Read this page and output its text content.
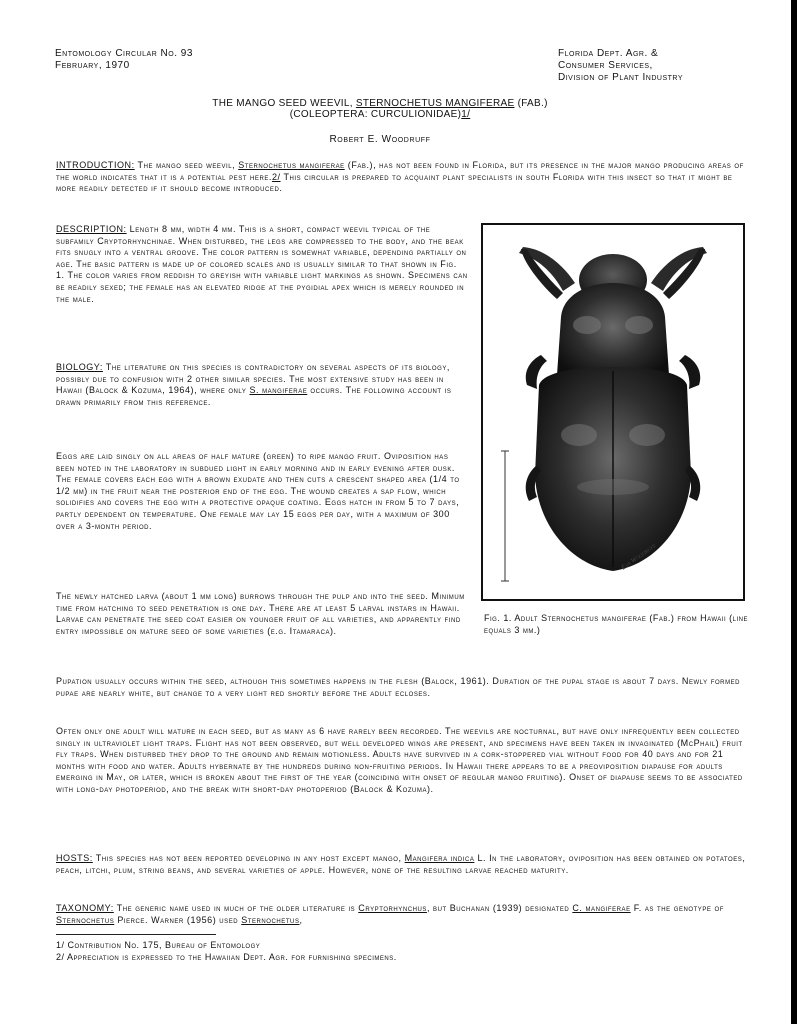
Entomology Circular No. 93
February, 1970
Florida Dept. Agr. &
Consumer Services,
Division of Plant Industry
THE MANGO SEED WEEVIL, STERNOCHETUS MANGIFERAE (FAB.)
(COLEOPTERA: CURCULIONIDAE)1/
Robert E. Woodruff

INTRODUCTION: The mango seed weevil, Sternochetus mangiferae (Fab.), has not been found in Florida, but its presence in the major mango producing areas of the world indicates that it is a potential pest here.2/ This circular is prepared to acquaint plant specialists in south Florida with this insect so that it might be more readily detected if it should become introduced.

DESCRIPTION: Length 8 mm, width 4 mm. This is a short, compact weevil typical of the subfamily Cryptorhynchinae. When disturbed, the legs are compressed to the body, and the beak fits snugly into a ventral groove. The color pattern is somewhat variable, depending partially on age. The basic pattern is made up of colored scales and is usually similar to that shown in Fig. 1. The color varies from reddish to greyish with variable light markings as shown. Specimens can be readily sexed; the female has an elevated ridge at the pygidial apex which is merely rounded in the male.

BIOLOGY: The literature on this species is contradictory on several aspects of its biology, possibly due to confusion with 2 other similar species. The most extensive study has been in Hawaii (Balock & Kozuma, 1964), where only S. mangiferae occurs. The following account is drawn primarily from this reference.

Eggs are laid singly on all areas of half mature (green) to ripe mango fruit. Oviposition has been noted in the laboratory in subdued light in early morning and in early evening after dusk. The female covers each egg with a brown exudate and then cuts a crescent shaped area (1/4 to 1/2 mm) in the fruit near the posterior end of the egg. The wound creates a sap flow, which solidifies and covers the egg with a protective opaque coating. Eggs hatch in from 5 to 7 days, partly dependent on temperature. One female may lay 15 eggs per day, with a maximum of 300 over a 3-month period.

The newly hatched larva (about 1 mm long) burrows through the pulp and into the seed. Minimum time from hatching to seed penetration is one day. There are at least 5 larval instars in Hawaii. Larvae can penetrate the seed coat easier on younger fruit of all varieties, and apparently find entry impossible on mature seed of some varieties (e.g. Itamaraca).

Eva Woodruff
Fig. 1. Adult Sternochetus mangiferae (Fab.) from Hawaii (line equals 3 mm.)

Pupation usually occurs within the seed, although this sometimes happens in the flesh (Balock, 1961). Duration of the pupal stage is about 7 days. Newly formed pupae are nearly white, but change to a very light red shortly before the adult ecloses.

Often only one adult will mature in each seed, but as many as 6 have rarely been recorded. The weevils are nocturnal, but have only infrequently been collected singly in ultraviolet light traps. Flight has not been observed, but well developed wings are present, and specimens have been taken in invaginated (McPhail) fruit fly traps. When disturbed they drop to the ground and remain motionless. Adults have survived in a cork-stoppered vial without food for 40 days and for 21 months with food and water. Adults hybernate by the hundreds during non-fruiting periods. In Hawaii there appears to be a preoviposition diapause for adults emerging in May, or later, which is broken about the first of the year (coinciding with onset of regular mango fruiting). Onset of diapause seems to be associated with long-day photoperiod, and the break with short-day photoperiod (Balock & Kozuma).

HOSTS: This species has not been reported developing in any host except mango, Mangifera indica L. In the laboratory, oviposition has been obtained on potatoes, peach, litchi, plum, string beans, and several varieties of apple. However, none of the resulting larvae reached maturity.

TAXONOMY: The generic name used in much of the older literature is Cryptorhynchus, but Buchanan (1939) designated C. mangiferae F. as the genotype of Sternochetus Pierce. Warner (1956) used Sternochetus,

1/ Contribution No. 175, Bureau of Entomology
2/ Appreciation is expressed to the Hawaiian Dept. Agr. for furnishing specimens.
